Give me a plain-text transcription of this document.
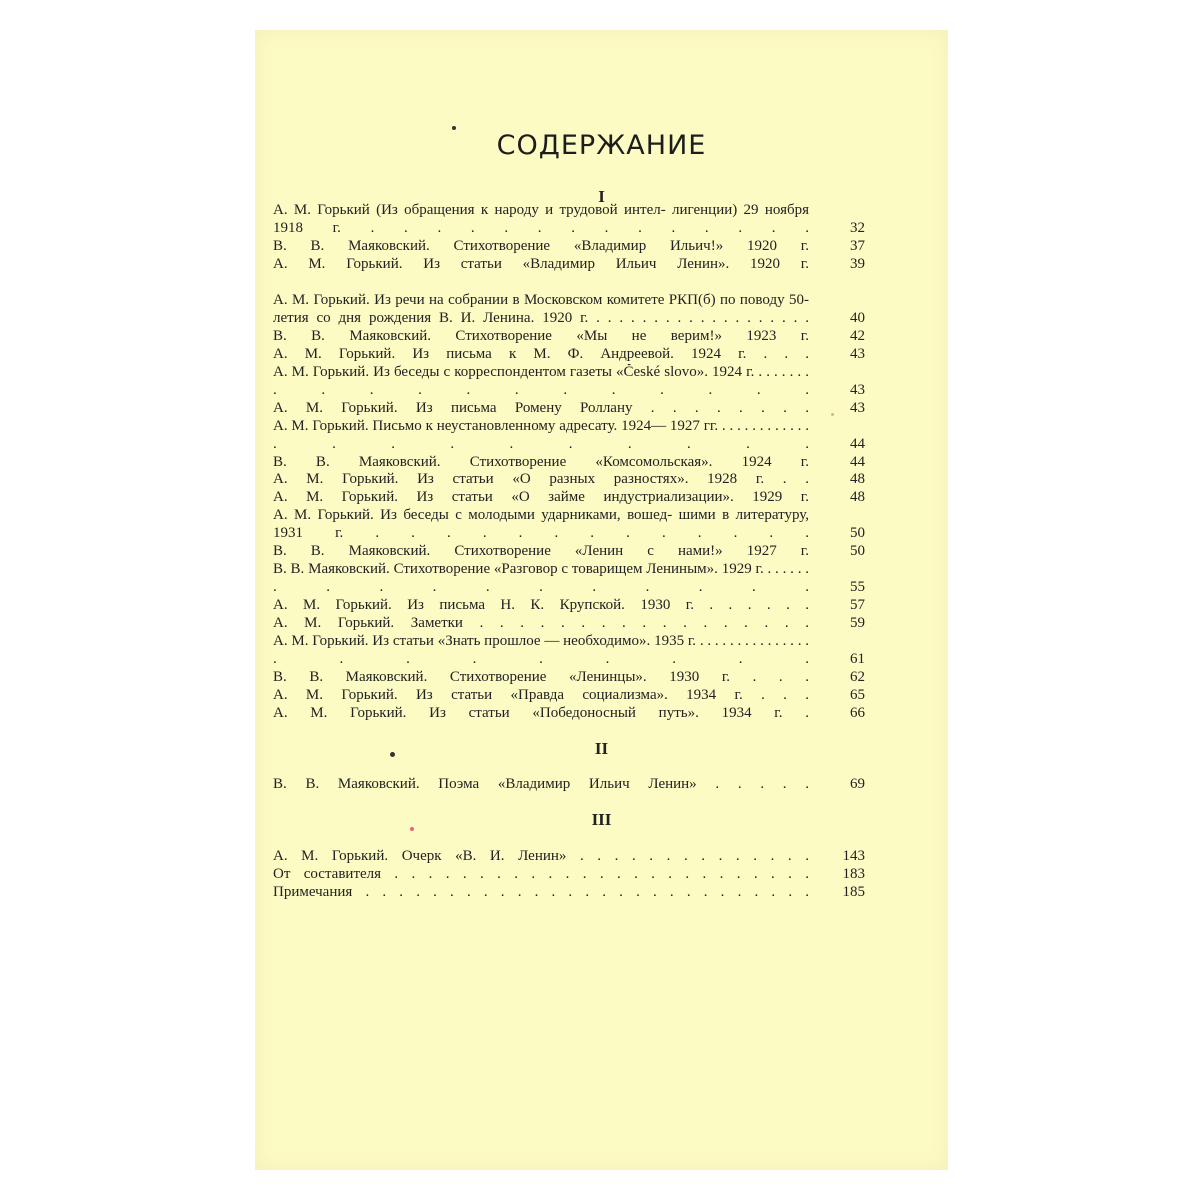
СОДЕРЖАНИЕ
I
А. М. Горький (Из обращения к народу и трудовой интел- лигенции) 29 ноября 1918 г. . . . . . . . . . . . . . .	32
В. В. Маяковский. Стихотворение «Владимир Ильич!» 1920 г.	37
А. М. Горький. Из статьи «Владимир Ильич Ленин». 1920 г.	39
А. М. Горький. Из речи на собрании в Московском комитете РКП(б) по поводу 50-летия со дня рождения В. И. Ленина. 1920 г. . . . . . . . . . . . . . . . . . . .	40
В. В. Маяковский. Стихотворение «Мы не верим!» 1923 г.	42
А. М. Горький. Из письма к М. Ф. Андреевой. 1924 г. . . .	43
А. М. Горький. Из беседы с корреспондентом газеты «České slovo». 1924 г. . . . . . . . . . . . . . . . . . . .	43
А. М. Горький. Из письма Ромену Роллану . . . . . . . .	43
А. М. Горький. Письмо к неустановленному адресату. 1924— 1927 гг. . . . . . . . . . . . . . . . . . . . . . .	44
В. В. Маяковский. Стихотворение «Комсомольская». 1924 г.	44
А. М. Горький. Из статьи «О разных разностях». 1928 г. . .	48
А. М. Горький. Из статьи «О займе индустриализации». 1929 г.	48
А. М. Горький. Из беседы с молодыми ударниками, вошед- шими в литературу, 1931 г. . . . . . . . . . . . . .	50
В. В. Маяковский. Стихотворение «Ленин с нами!» 1927 г.	50
В. В. Маяковский. Стихотворение «Разговор с товарищем Лениным». 1929 г. . . . . . . . . . . . . . . . . .	55
А. М. Горький. Из письма Н. К. Крупской. 1930 г. . . . . . .	57
А. М. Горький. Заметки . . . . . . . . . . . . . . . . .	59
А. М. Горький. Из статьи «Знать прошлое — необходимо». 1935 г. . . . . . . . . . . . . . . . . . . . . . . . .	61
В. В. Маяковский. Стихотворение «Ленинцы». 1930 г. . . .	62
А. М. Горький. Из статьи «Правда социализма». 1934 г. . . .	65
А. М. Горький. Из статьи «Победоносный путь». 1934 г. .	66
II
В. В. Маяковский. Поэма «Владимир Ильич Ленин» . . . . .	69
III
А. М. Горький. Очерк «В. И. Ленин» . . . . . . . . . . . . . .	143
От составителя . . . . . . . . . . . . . . . . . . . . . . . . .	183
Примечания . . . . . . . . . . . . . . . . . . . . . . . . . . .	185
